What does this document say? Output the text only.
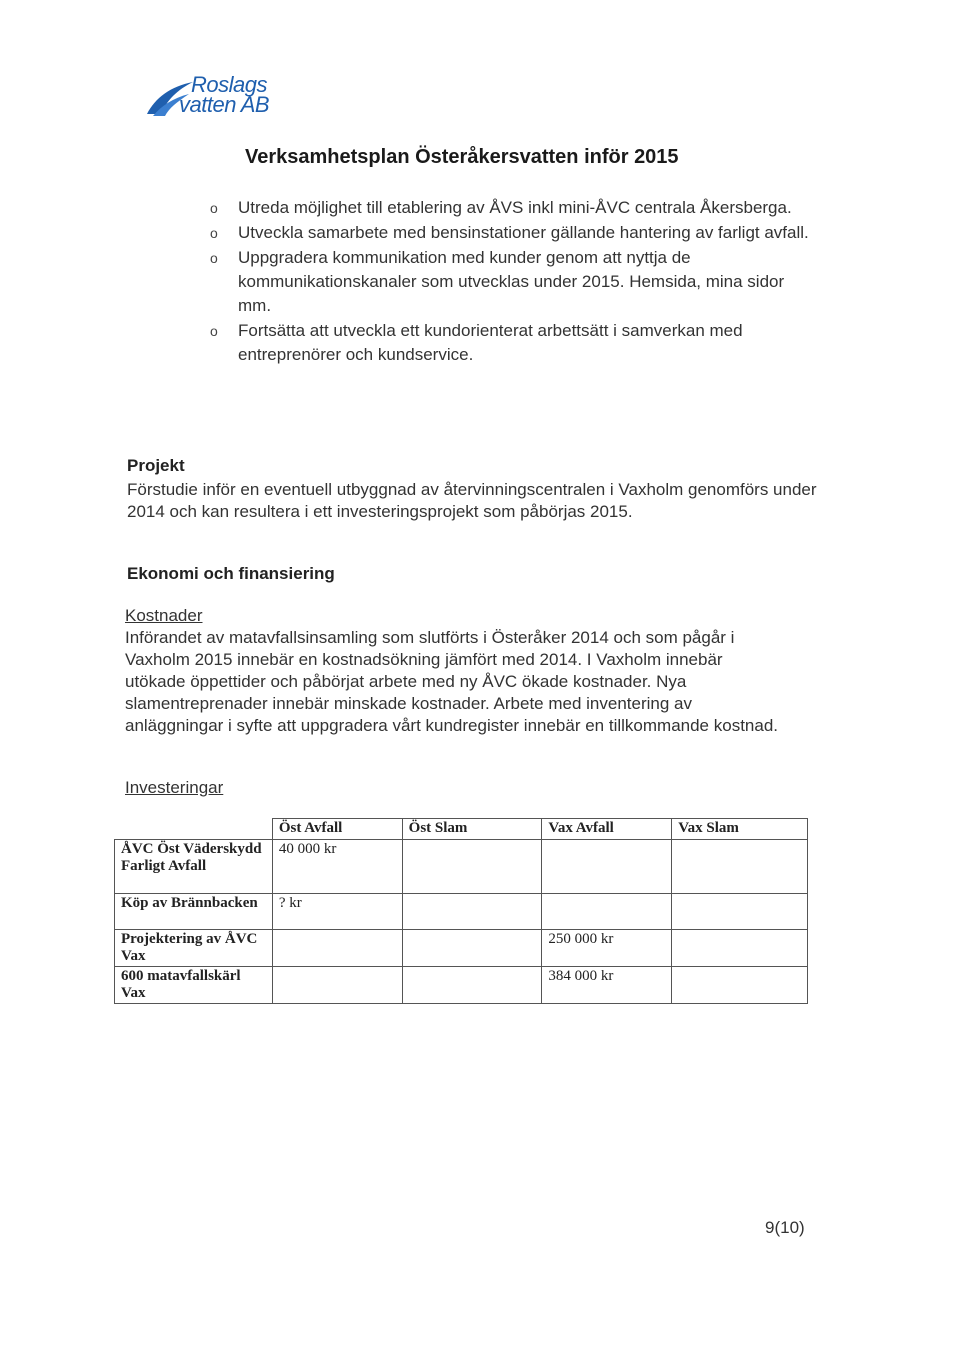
Roslags
vatten AB
Verksamhetsplan Österåkersvatten inför 2015
o Utreda möjlighet till etablering av ÅVS inkl mini-ÅVC centrala Åkersberga.
o Utveckla samarbete med bensinstationer gällande hantering av farligt avfall.
o Uppgradera kommunikation med kunder genom att nyttja de kommunikationskanaler som utvecklas under 2015. Hemsida, mina sidor mm.
o Fortsätta att utveckla ett kundorienterat arbettsätt i samverkan med entreprenörer och kundservice.
Projekt
Förstudie inför en eventuell utbyggnad av återvinningscentralen i Vaxholm genomförs under 2014 och kan resultera i ett investeringsprojekt som påbörjas 2015.
Ekonomi och finansiering
Kostnader
Införandet av matavfallsinsamling som slutförts i Österåker 2014 och som pågår i Vaxholm 2015 innebär en kostnadsökning jämfört med 2014. I Vaxholm innebär utökade öppettider och påbörjat arbete med ny ÅVC ökade kostnader. Nya slamentreprenader innebär minskade kostnader. Arbete med inventering av anläggningar i syfte att uppgradera vårt kundregister innebär en tillkommande kostnad.
Investeringar
	Öst Avfall	Öst Slam	Vax Avfall	Vax Slam
ÅVC Öst Väderskydd Farligt Avfall	40 000 kr			
Köp av Brännbacken	? kr			
Projektering av ÅVC Vax			250 000 kr	
600 matavfallskärl Vax			384 000 kr	
9(10)
